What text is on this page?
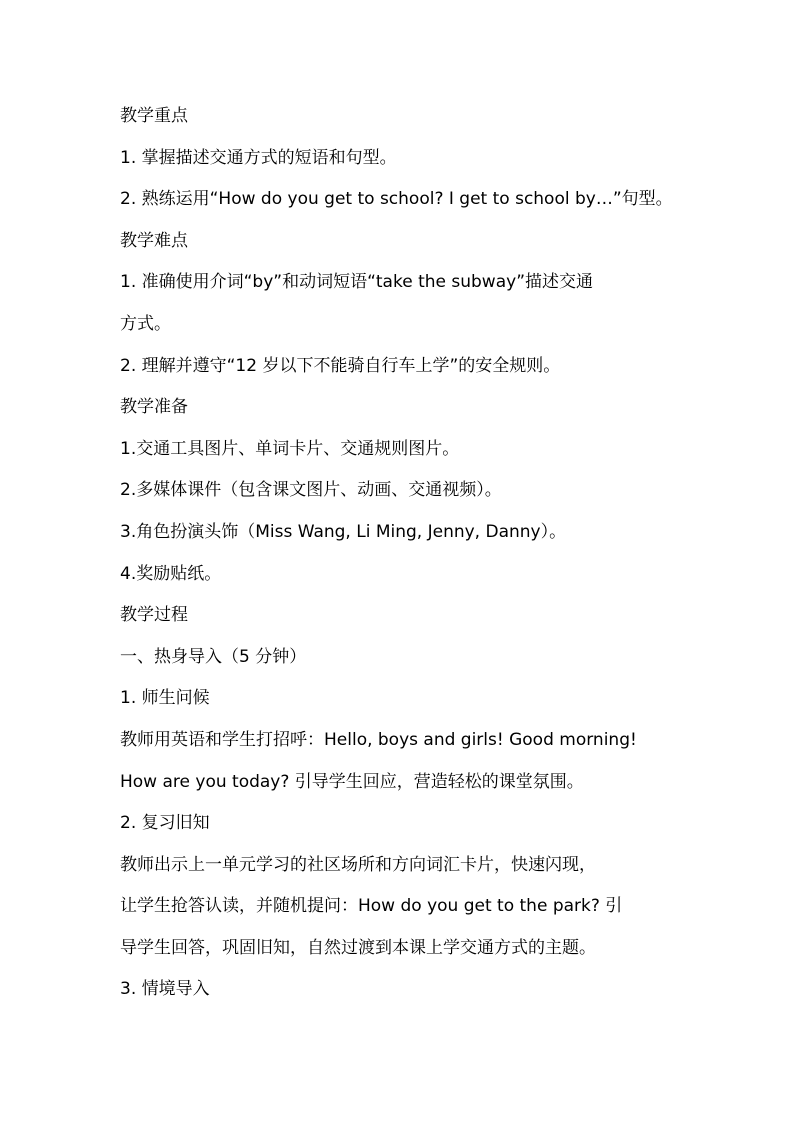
教学重点
1. 掌握描述交通方式的短语和句型。
2. 熟练运用“How do you get to school? I get to school by…”句型。
教学难点
1. 准确使用介词“by”和动词短语“take the subway”描述交通
方式。
2. 理解并遵守“12 岁以下不能骑自行车上学”的安全规则。
教学准备
1.交通工具图片、单词卡片、交通规则图片。
2.多媒体课件（包含课文图片、动画、交通视频）。
3.角色扮演头饰（Miss Wang, Li Ming, Jenny, Danny）。
4.奖励贴纸。
教学过程
一、热身导入（5 分钟）
1. 师生问候
教师用英语和学生打招呼：Hello, boys and girls! Good morning!
How are you today? 引导学生回应，营造轻松的课堂氛围。
2. 复习旧知
教师出示上一单元学习的社区场所和方向词汇卡片，快速闪现，
让学生抢答认读，并随机提问：How do you get to the park? 引
导学生回答，巩固旧知，自然过渡到本课上学交通方式的主题。
3. 情境导入
